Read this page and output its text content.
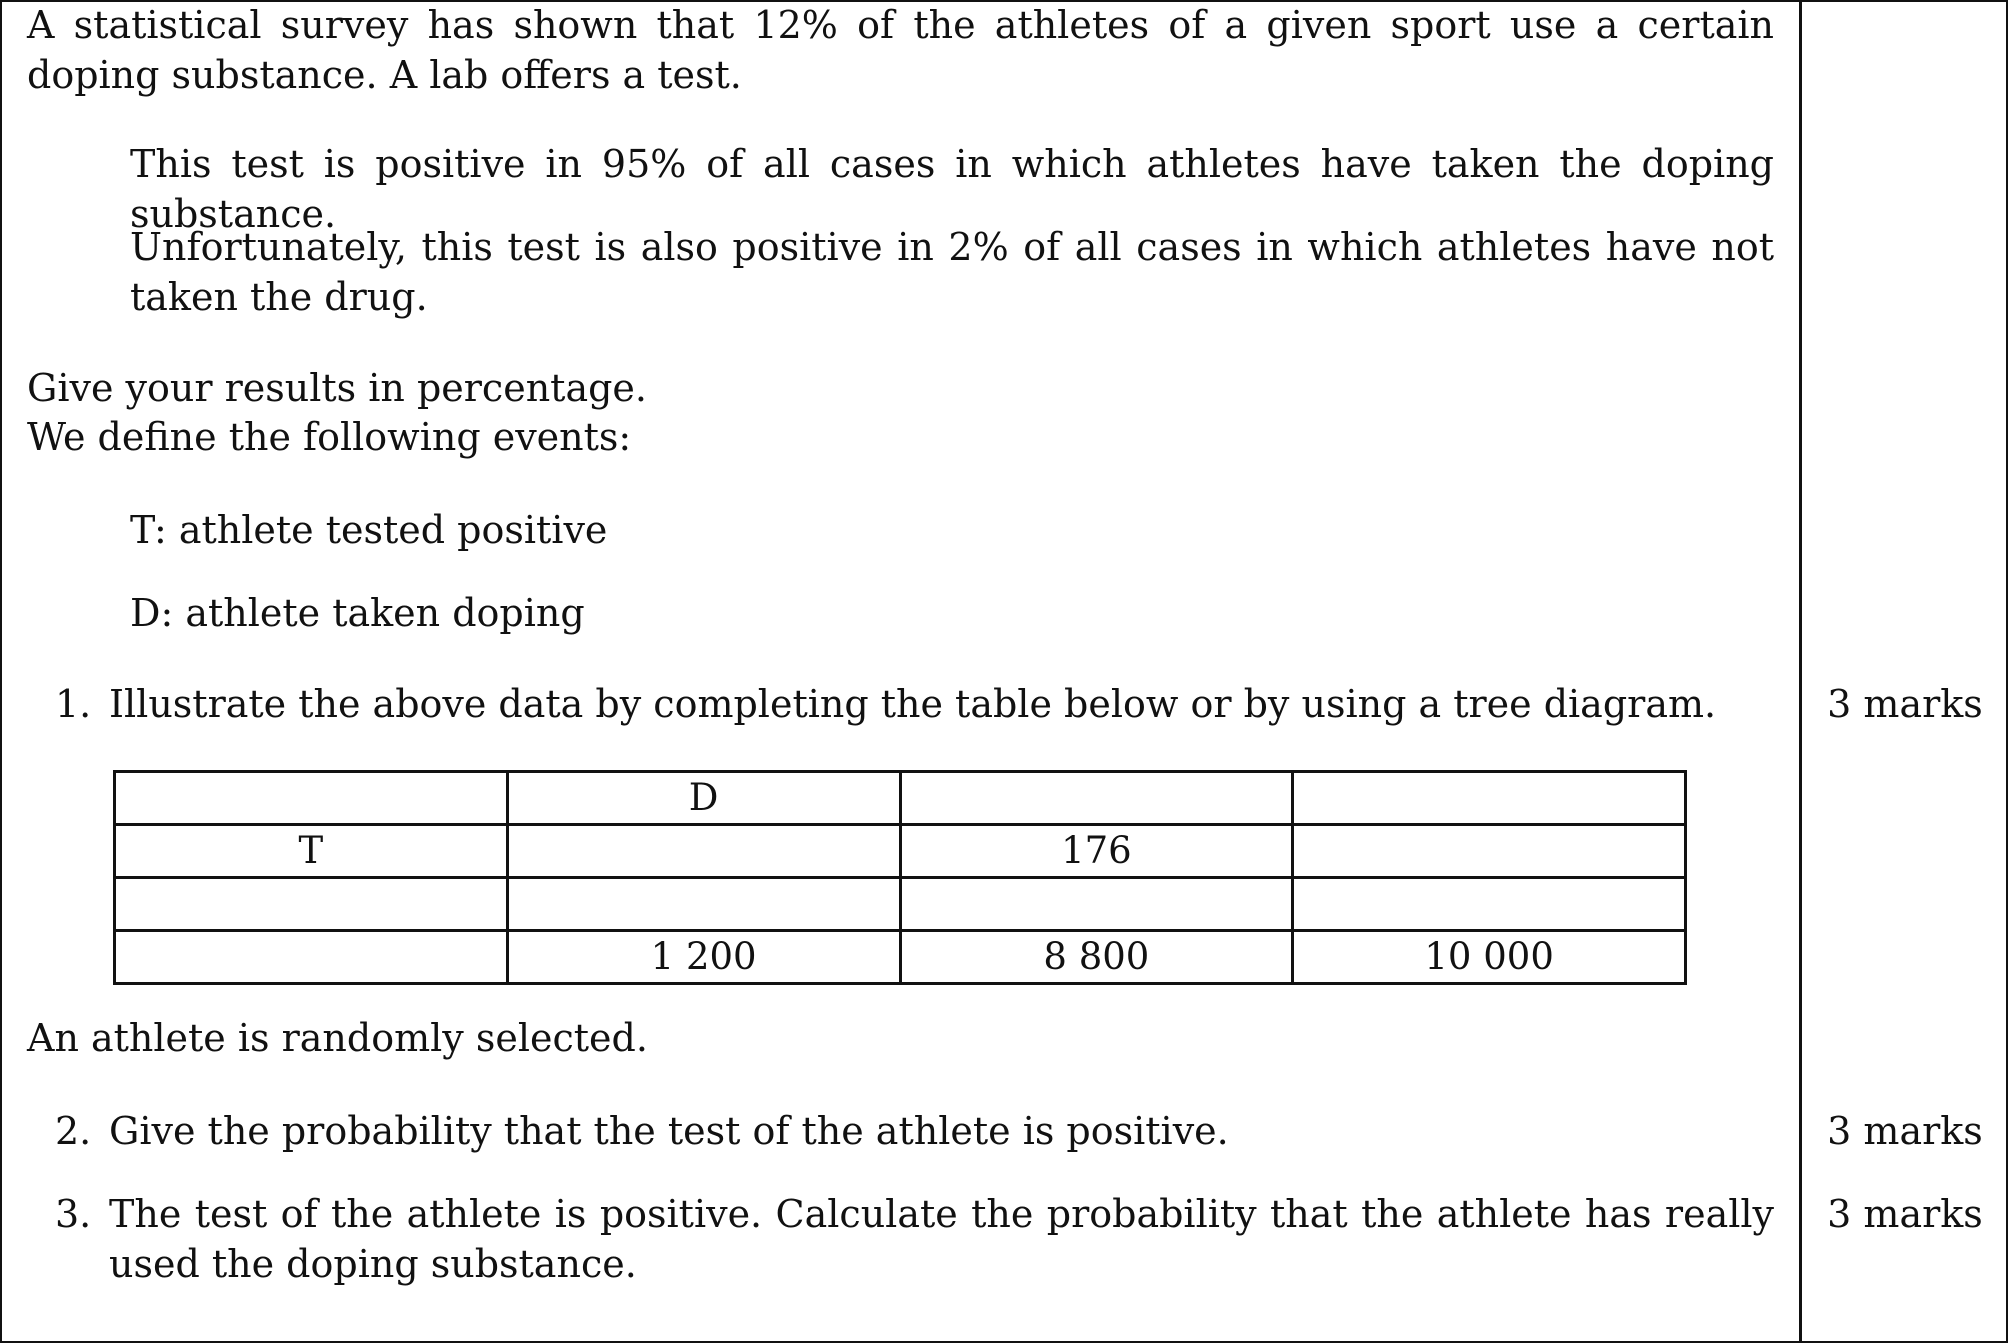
A statistical survey has shown that 12% of the athletes of a given sport use a certain doping substance. A lab offers a test.
This test is positive in 95% of all cases in which athletes have taken the doping substance.
Unfortunately, this test is also positive in 2% of all cases in which athletes have not taken the drug.
Give your results in percentage.
We define the following events:
T: athlete tested positive
D: athlete taken doping
1. Illustrate the above data by completing the table below or by using a tree diagram.	3 marks
	D		
T		176	

	1 200	8 800	10 000
An athlete is randomly selected.
2. Give the probability that the test of the athlete is positive.	3 marks
3. The test of the athlete is positive. Calculate the probability that the athlete has really used the doping substance.
3 marks
